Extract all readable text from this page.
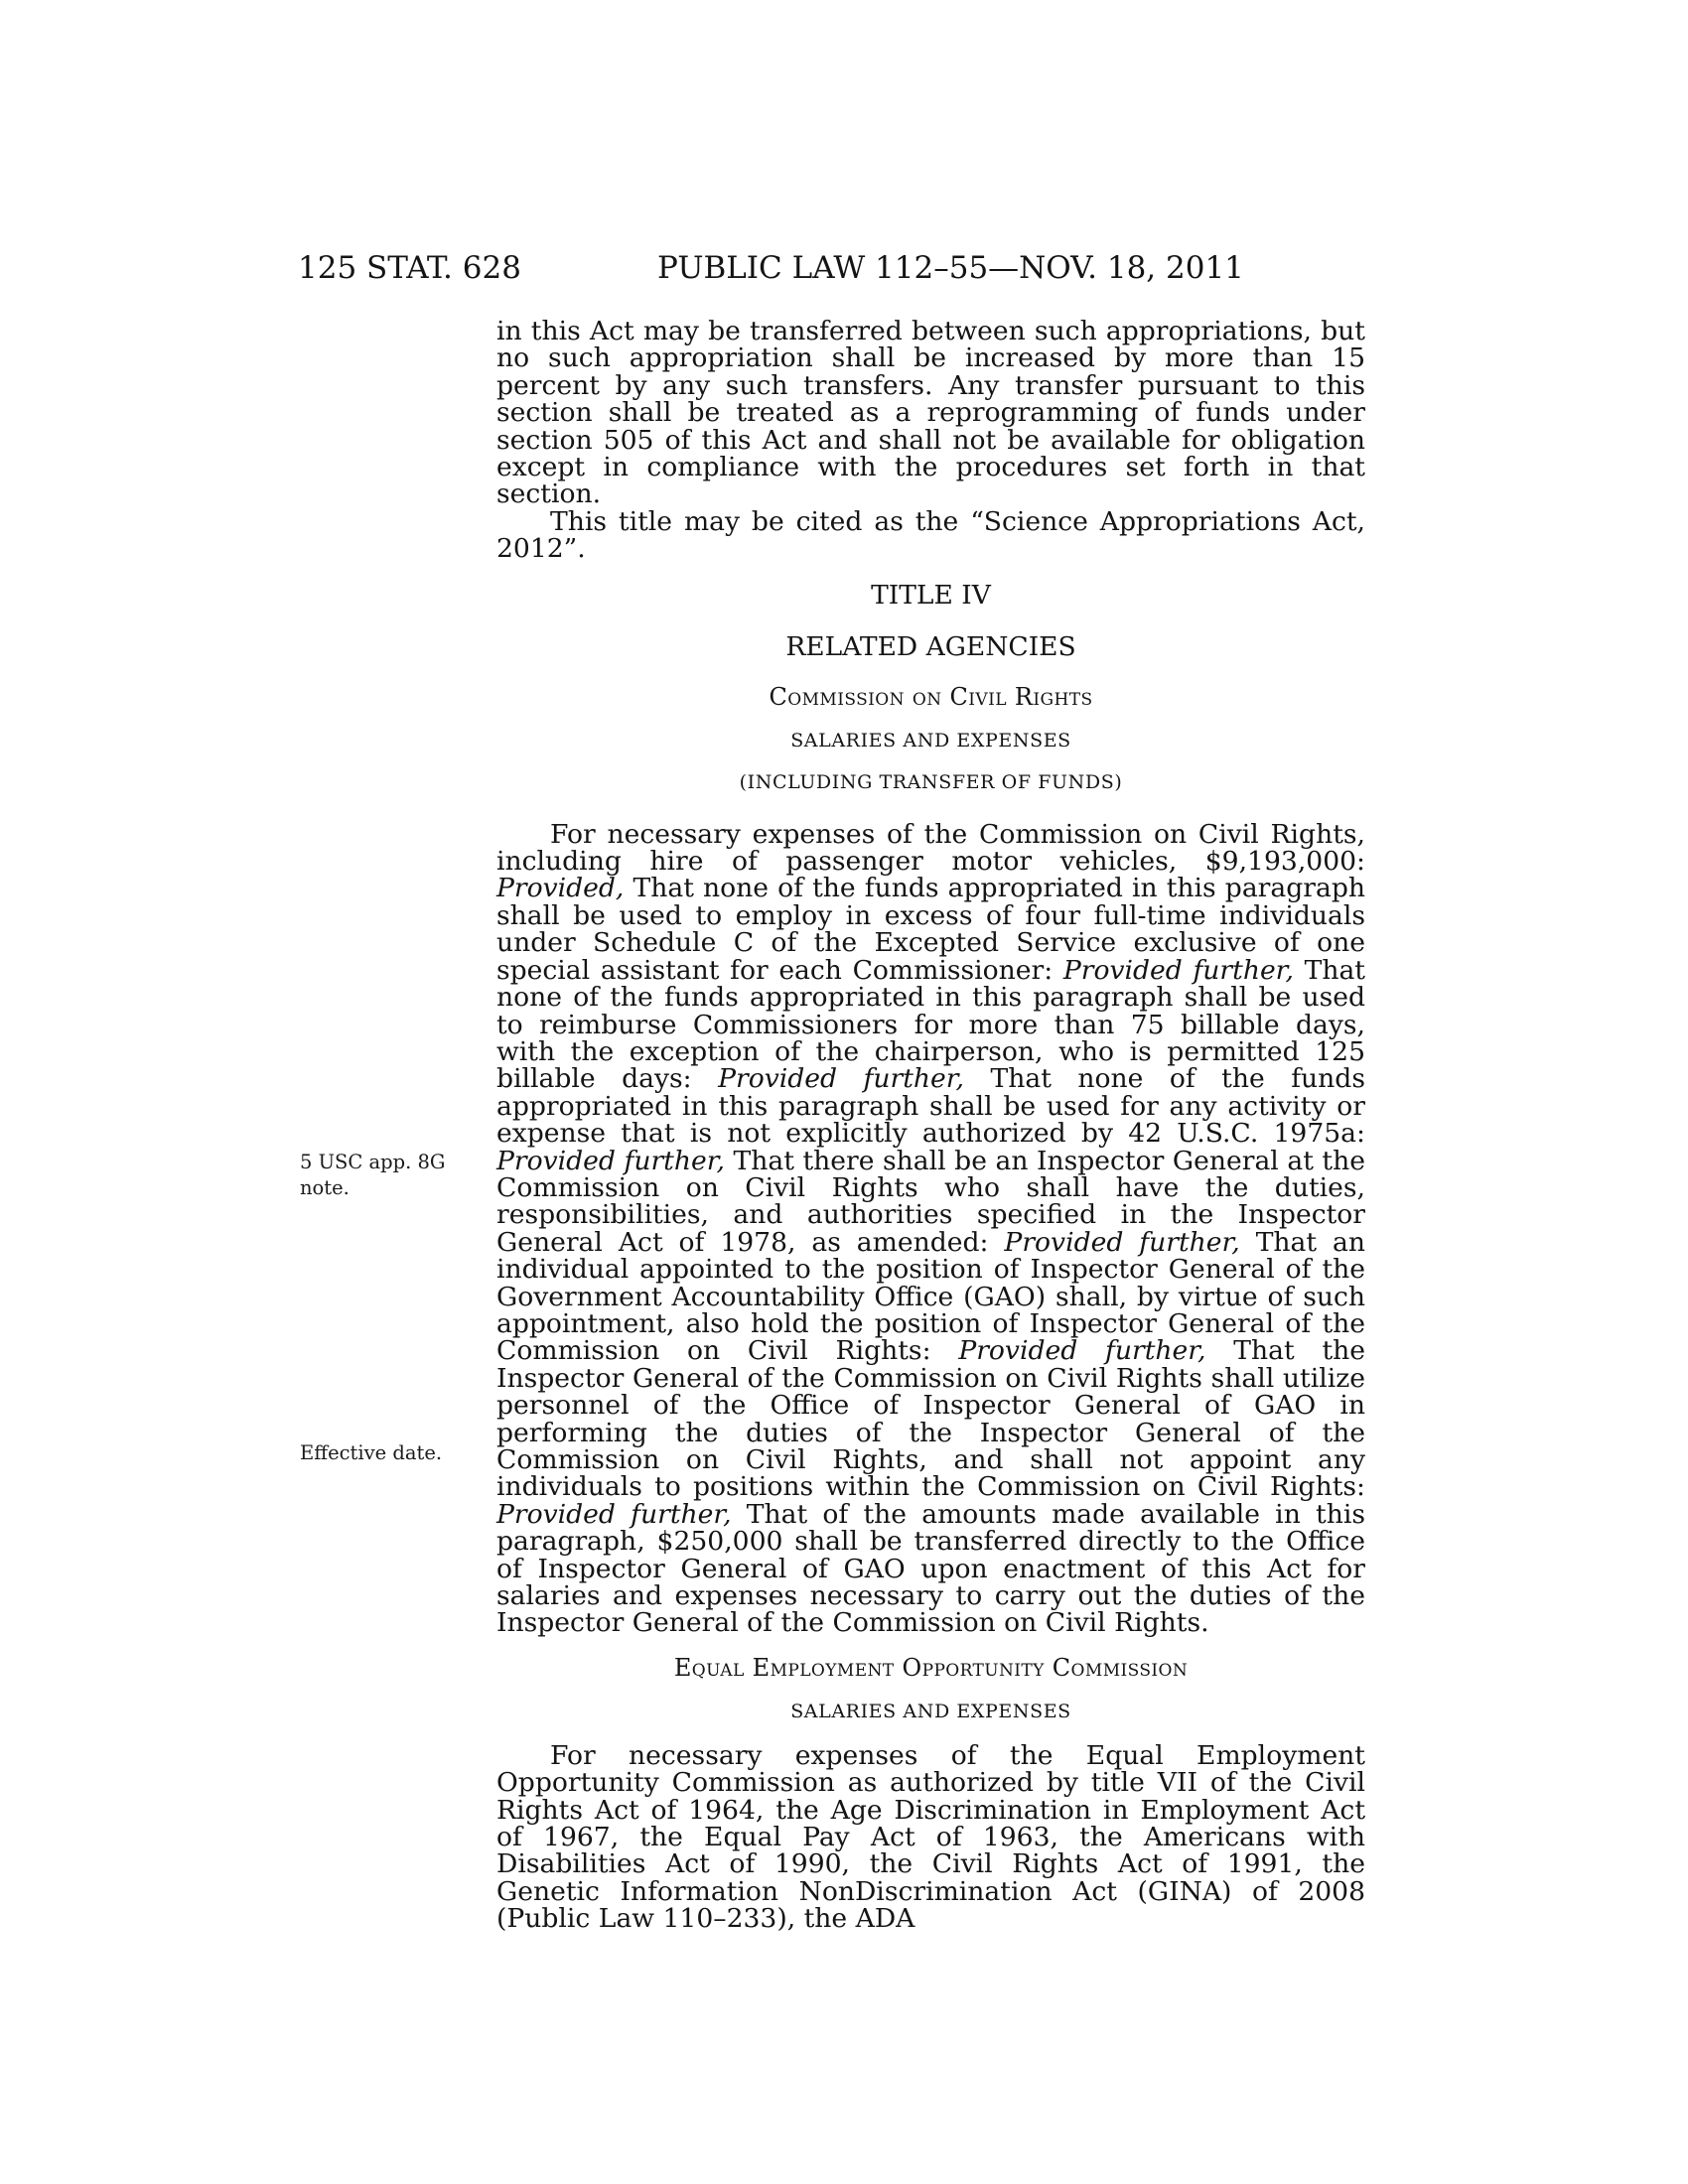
125 STAT. 628	PUBLIC LAW 112–55—NOV. 18, 2011
5 USC app. 8G note.
Effective date.

in this Act may be transferred between such appropriations, but no such appropriation shall be increased by more than 15 percent by any such transfers. Any transfer pursuant to this section shall be treated as a reprogramming of funds under section 505 of this Act and shall not be available for obligation except in compliance with the procedures set forth in that section.

This title may be cited as the “Science Appropriations Act, 2012”.

TITLE IV

RELATED AGENCIES

Commission on Civil Rights

SALARIES AND EXPENSES

(INCLUDING TRANSFER OF FUNDS)

For necessary expenses of the Commission on Civil Rights, including hire of passenger motor vehicles, $9,193,000: Provided, That none of the funds appropriated in this paragraph shall be used to employ in excess of four full-time individuals under Schedule C of the Excepted Service exclusive of one special assistant for each Commissioner: Provided further, That none of the funds appropriated in this paragraph shall be used to reimburse Commissioners for more than 75 billable days, with the exception of the chairperson, who is permitted 125 billable days: Provided further, That none of the funds appropriated in this paragraph shall be used for any activity or expense that is not explicitly authorized by 42 U.S.C. 1975a: Provided further, That there shall be an Inspector General at the Commission on Civil Rights who shall have the duties, responsibilities, and authorities specified in the Inspector General Act of 1978, as amended: Provided further, That an individual appointed to the position of Inspector General of the Government Accountability Office (GAO) shall, by virtue of such appointment, also hold the position of Inspector General of the Commission on Civil Rights: Provided further, That the Inspector General of the Commission on Civil Rights shall utilize personnel of the Office of Inspector General of GAO in performing the duties of the Inspector General of the Commission on Civil Rights, and shall not appoint any individuals to positions within the Commission on Civil Rights: Provided further, That of the amounts made available in this paragraph, $250,000 shall be transferred directly to the Office of Inspector General of GAO upon enactment of this Act for salaries and expenses necessary to carry out the duties of the Inspector General of the Commission on Civil Rights.

Equal Employment Opportunity Commission

SALARIES AND EXPENSES

For necessary expenses of the Equal Employment Opportunity Commission as authorized by title VII of the Civil Rights Act of 1964, the Age Discrimination in Employment Act of 1967, the Equal Pay Act of 1963, the Americans with Disabilities Act of 1990, the Civil Rights Act of 1991, the Genetic Information NonDiscrimination Act (GINA) of 2008 (Public Law 110–233), the ADA
